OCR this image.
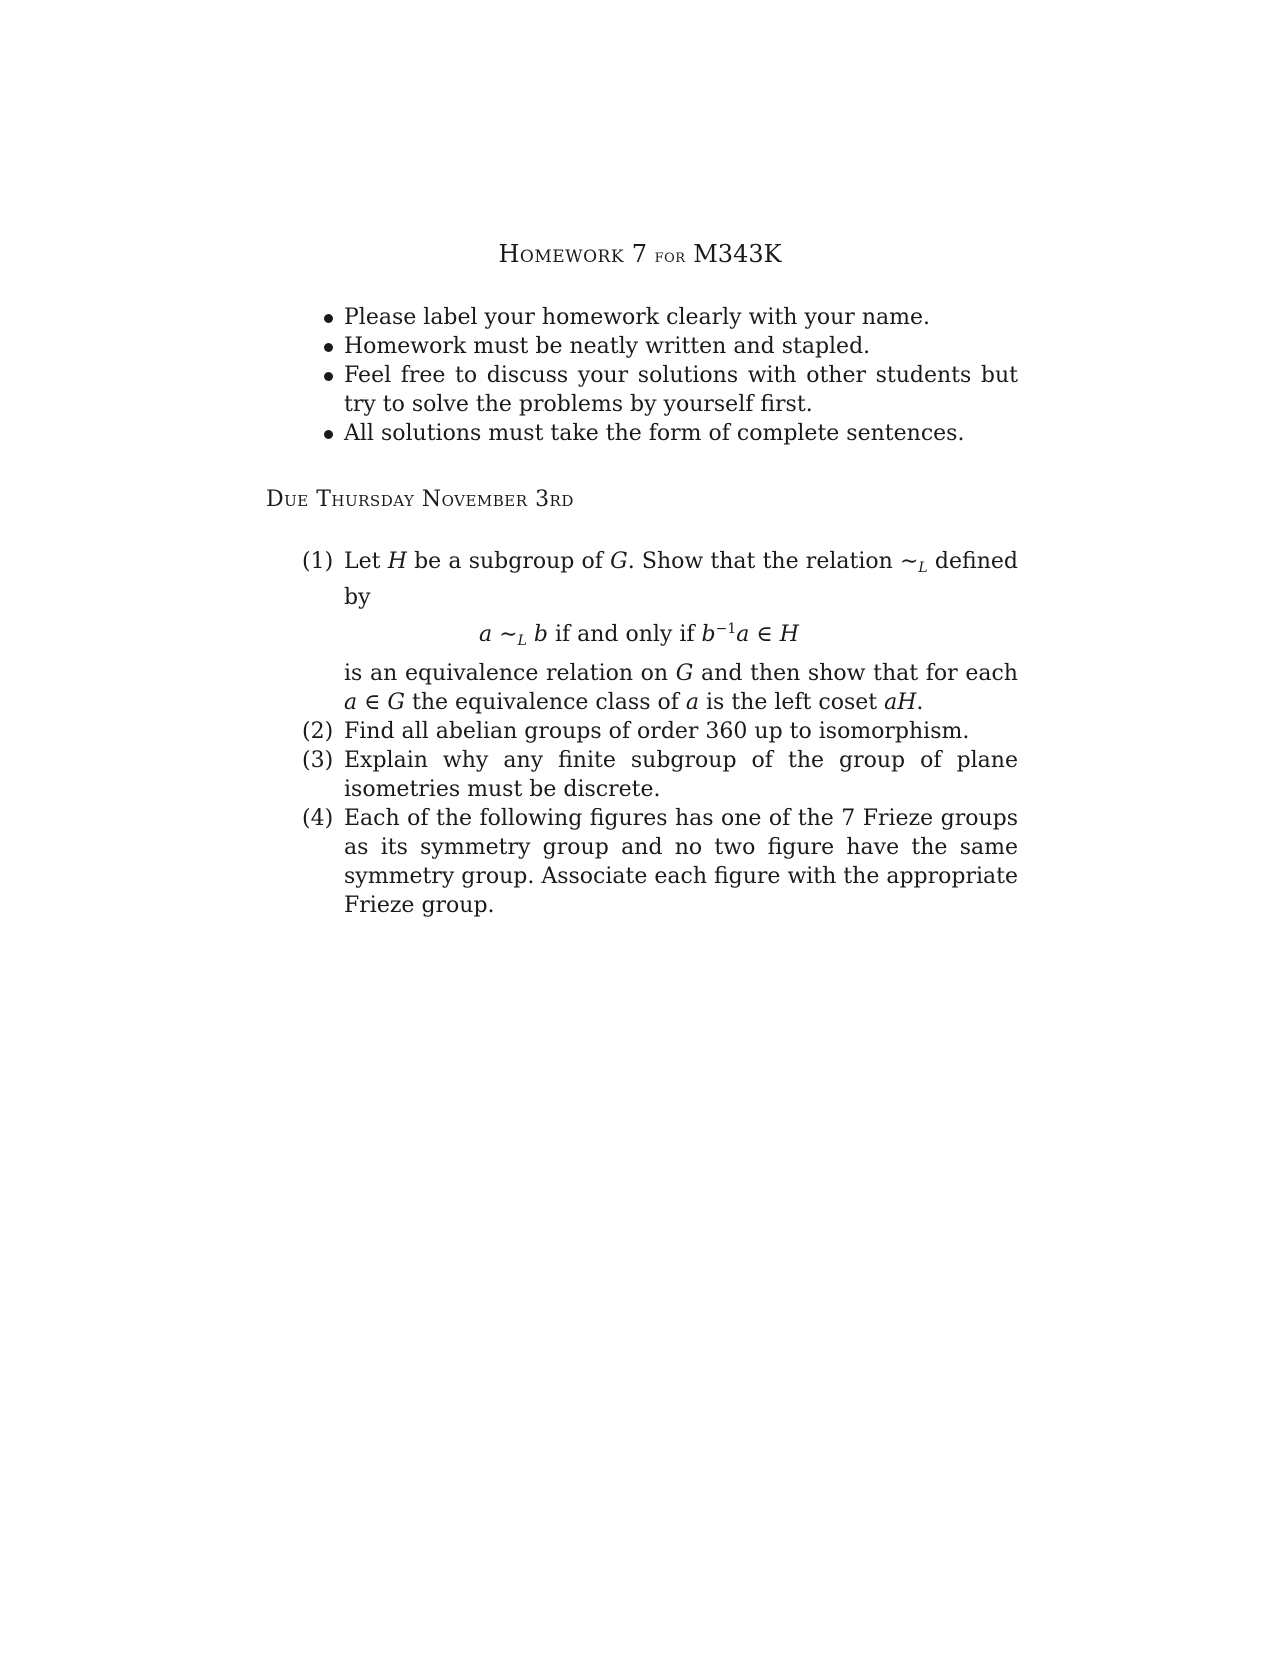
Homework 7 for M343K
Please label your homework clearly with your name.
Homework must be neatly written and stapled.
Feel free to discuss your solutions with other students but try to solve the problems by yourself first.
All solutions must take the form of complete sentences.
Due Thursday November 3rd
(1) Let H be a subgroup of G. Show that the relation $\sim_L$ defined by
a $\sim_L$ b if and only if $b^{-1}a$ ∈ H
is an equivalence relation on G and then show that for each a ∈ G the equivalence class of a is the left coset aH.
(2) Find all abelian groups of order 360 up to isomorphism.
(3) Explain why any finite subgroup of the group of plane isometries must be discrete.
(4) Each of the following figures has one of the 7 Frieze groups as its symmetry group and no two figure have the same symmetry group. Associate each figure with the appropriate Frieze group.
